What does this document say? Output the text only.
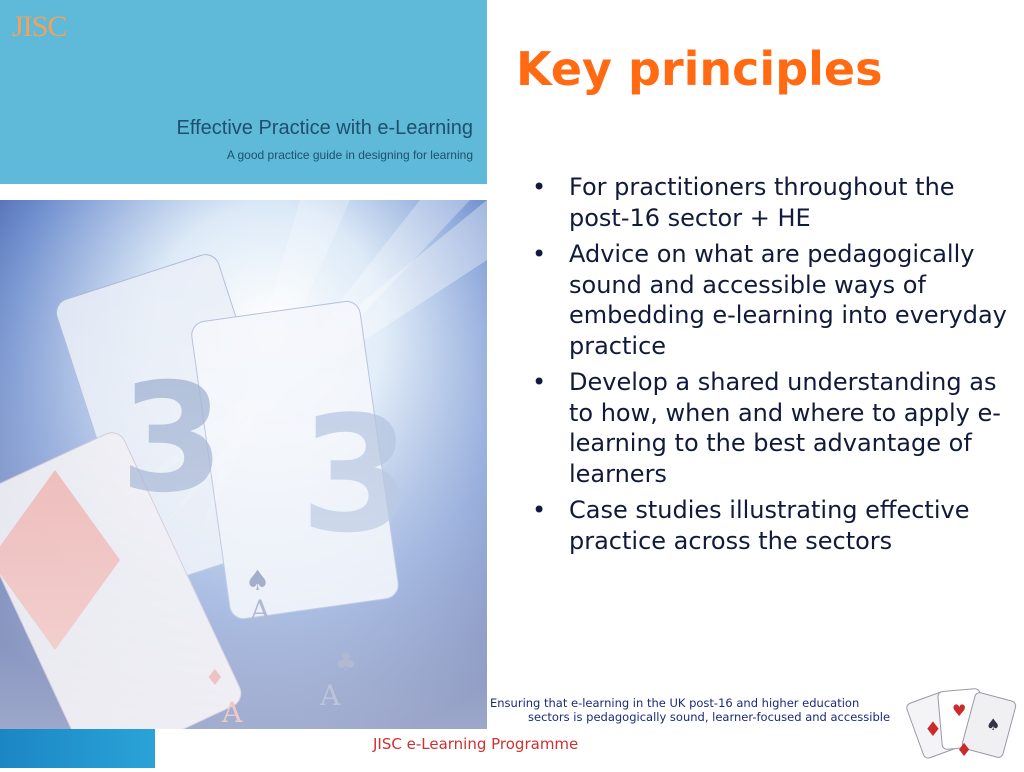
JISC
Effective Practice with e-Learning
A good practice guide in designing for learning
Key principles
• For practitioners throughout the post-16 sector + HE
• Advice on what are pedagogically sound and accessible ways of embedding e-learning into everyday practice
• Develop a shared understanding as to how, when and where to apply e-learning to the best advantage of learners
• Case studies illustrating effective practice across the sectors
Ensuring that e-learning in the UK post-16 and higher education
sectors is pedagogically sound, learner-focused and accessible
JISC e-Learning Programme
♥
♦	♠
♦
